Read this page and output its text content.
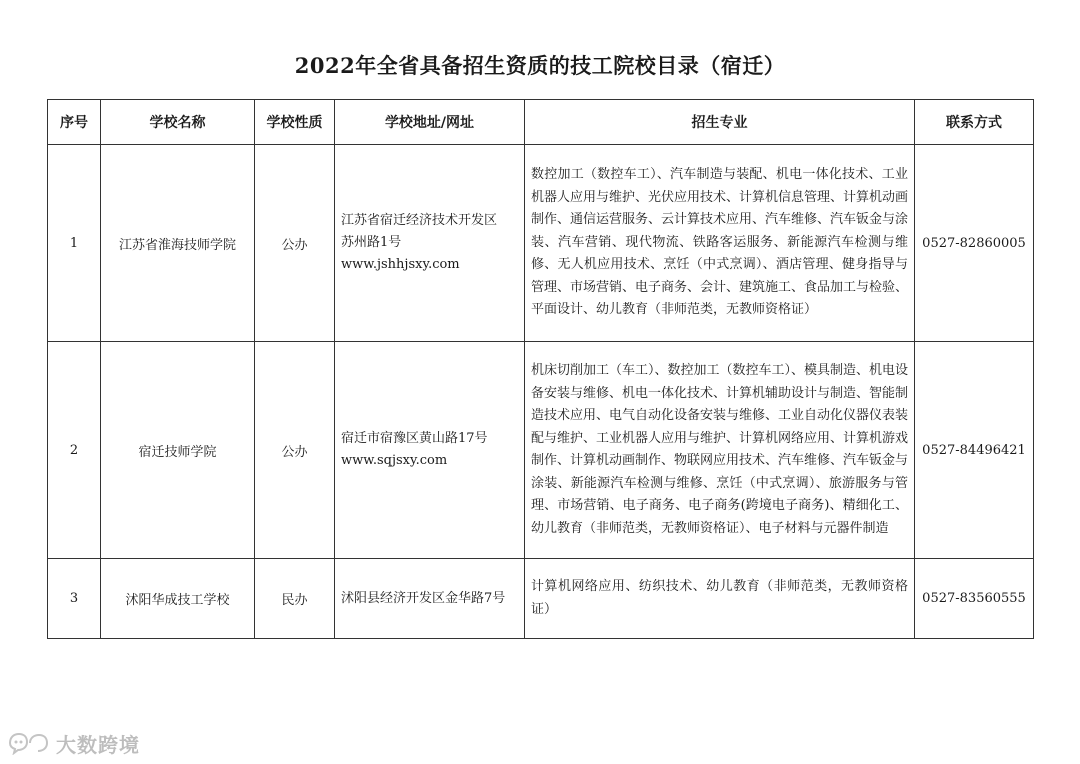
2022年全省具备招生资质的技工院校目录（宿迁）
序号	学校名称	学校性质	学校地址/网址	招生专业	联系方式
1	江苏省淮海技师学院	公办	江苏省宿迁经济技术开发区
苏州路1号
www.jshhjsxy.com	数控加工（数控车工）、汽车制造与装配、机电一体化技术、工业机器人应用与维护、光伏应用技术、计算机信息管理、计算机动画制作、通信运营服务、云计算技术应用、汽车维修、汽车钣金与涂装、汽车营销、现代物流、铁路客运服务、新能源汽车检测与维修、无人机应用技术、烹饪（中式烹调）、酒店管理、健身指导与管理、市场营销、电子商务、会计、建筑施工、食品加工与检验、平面设计、幼儿教育（非师范类，无教师资格证）	0527-82860005
2	宿迁技师学院	公办	宿迁市宿豫区黄山路17号
www.sqjsxy.com	机床切削加工（车工）、数控加工（数控车工）、模具制造、机电设备安装与维修、机电一体化技术、计算机辅助设计与制造、智能制造技术应用、电气自动化设备安装与维修、工业自动化仪器仪表装配与维护、工业机器人应用与维护、计算机网络应用、计算机游戏制作、计算机动画制作、物联网应用技术、汽车维修、汽车钣金与涂装、新能源汽车检测与维修、烹饪（中式烹调）、旅游服务与管理、市场营销、电子商务、电子商务(跨境电子商务)、精细化工、幼儿教育（非师范类，无教师资格证）、电子材料与元器件制造	0527-84496421
3	沭阳华成技工学校	民办	沭阳县经济开发区金华路7号	计算机网络应用、纺织技术、幼儿教育（非师范类，无教师资格证）	0527-83560555
大数跨境
